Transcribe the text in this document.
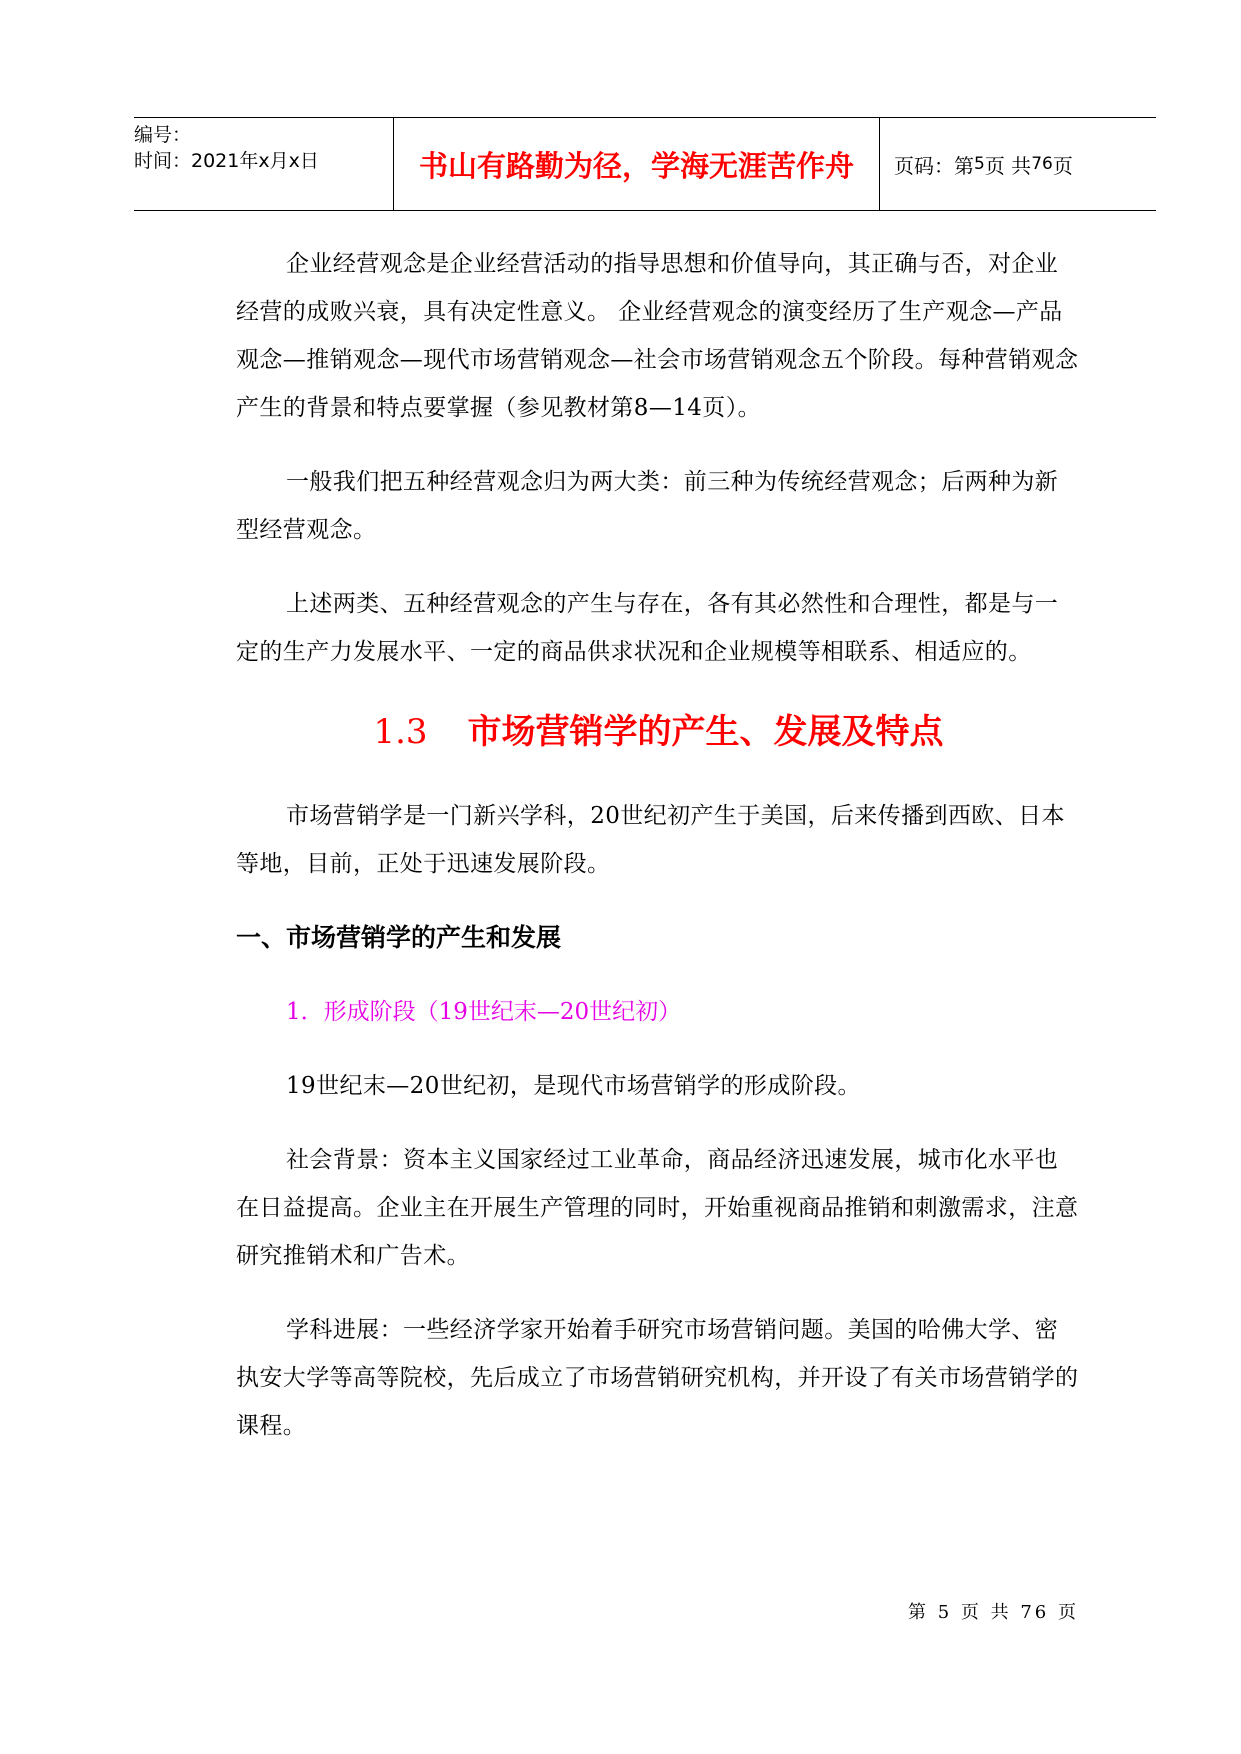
编号：
时间：2021年x月x日	书山有路勤为径，学海无涯苦作舟	页码：第 5 页 共 76 页

企业经营观念是企业经营活动的指导思想和价值导向，其正确与否，对企业经营的成败兴衰，具有决定性意义。 企业经营观念的演变经历了生产观念—产品观念—推销观念—现代市场营销观念—社会市场营销观念五个阶段。每种营销观念产生的背景和特点要掌握（参见教材第8—14页）。

一般我们把五种经营观念归为两大类：前三种为传统经营观念；后两种为新型经营观念。

上述两类、五种经营观念的产生与存在，各有其必然性和合理性，都是与一定的生产力发展水平、一定的商品供求状况和企业规模等相联系、相适应的。

1.3 市场营销学的产生、发展及特点

市场营销学是一门新兴学科，20世纪初产生于美国，后来传播到西欧、日本等地，目前，正处于迅速发展阶段。

一、市场营销学的产生和发展

1．形成阶段（19世纪末—20世纪初）

19世纪末—20世纪初，是现代市场营销学的形成阶段。

社会背景：资本主义国家经过工业革命，商品经济迅速发展，城市化水平也在日益提高。企业主在开展生产管理的同时，开始重视商品推销和刺激需求，注意研究推销术和广告术。

学科进展：一些经济学家开始着手研究市场营销问题。美国的哈佛大学、密执安大学等高等院校，先后成立了市场营销研究机构，并开设了有关市场营销学的课程。

第 5 页 共 76 页
